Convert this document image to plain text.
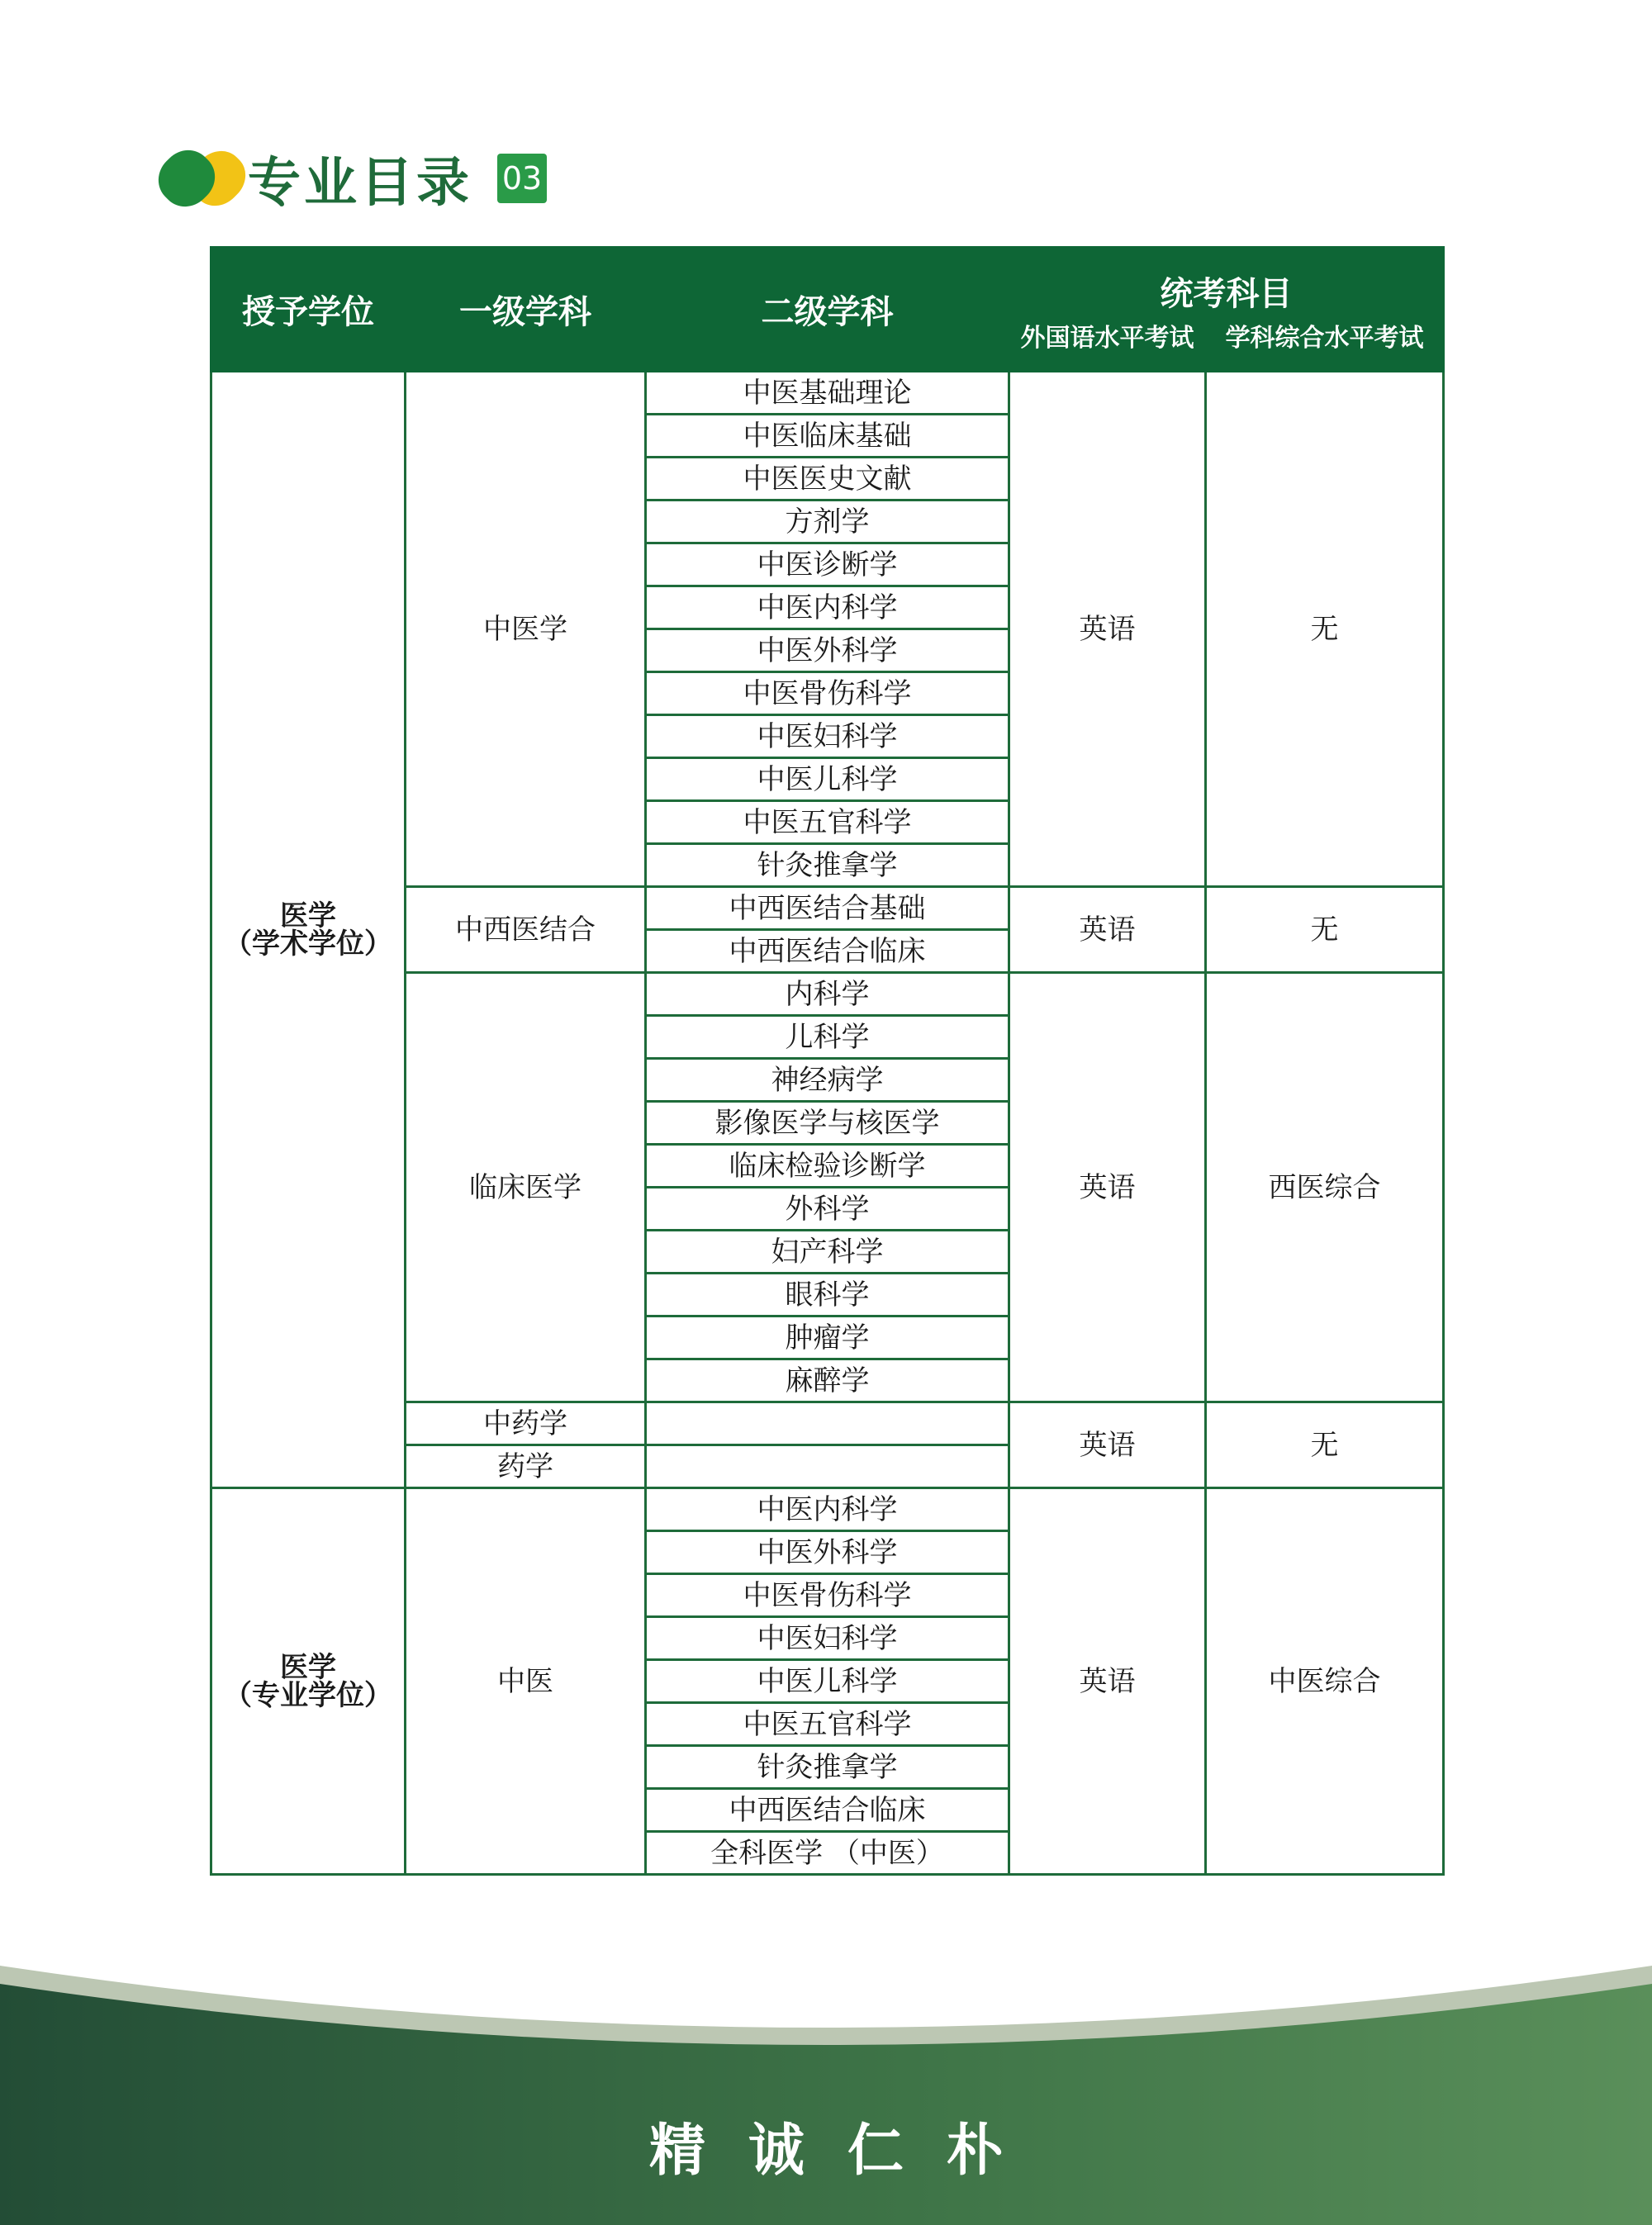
专业目录 03
授予学位	一级学科	二级学科	统考科目	
			外国语水平考试	学科综合水平考试

医学
（学术学位）	中医学	中医基础理论	英语	无
		中医临床基础		
		中医医史文献		
		方剂学		
		中医诊断学		
		中医内科学		
		中医外科学		
		中医骨伤科学		
		中医妇科学		
		中医儿科学		
		中医五官科学		
		针灸推拿学		
	中西医结合	中西医结合基础	英语	无
		中西医结合临床		
	临床医学	内科学	英语	西医综合
		儿科学		
		神经病学		
		影像医学与核医学		
		临床检验诊断学		
		外科学		
		妇产科学		
		眼科学		
		肿瘤学		
		麻醉学		
	中药学		英语	无
	药学			

医学
（专业学位）	中医	中医内科学	英语	中医综合
		中医外科学		
		中医骨伤科学		
		中医妇科学		
		中医儿科学		
		中医五官科学		
		针灸推拿学		
		中西医结合临床		
		全科医学 （中医）		
精诚仁朴
